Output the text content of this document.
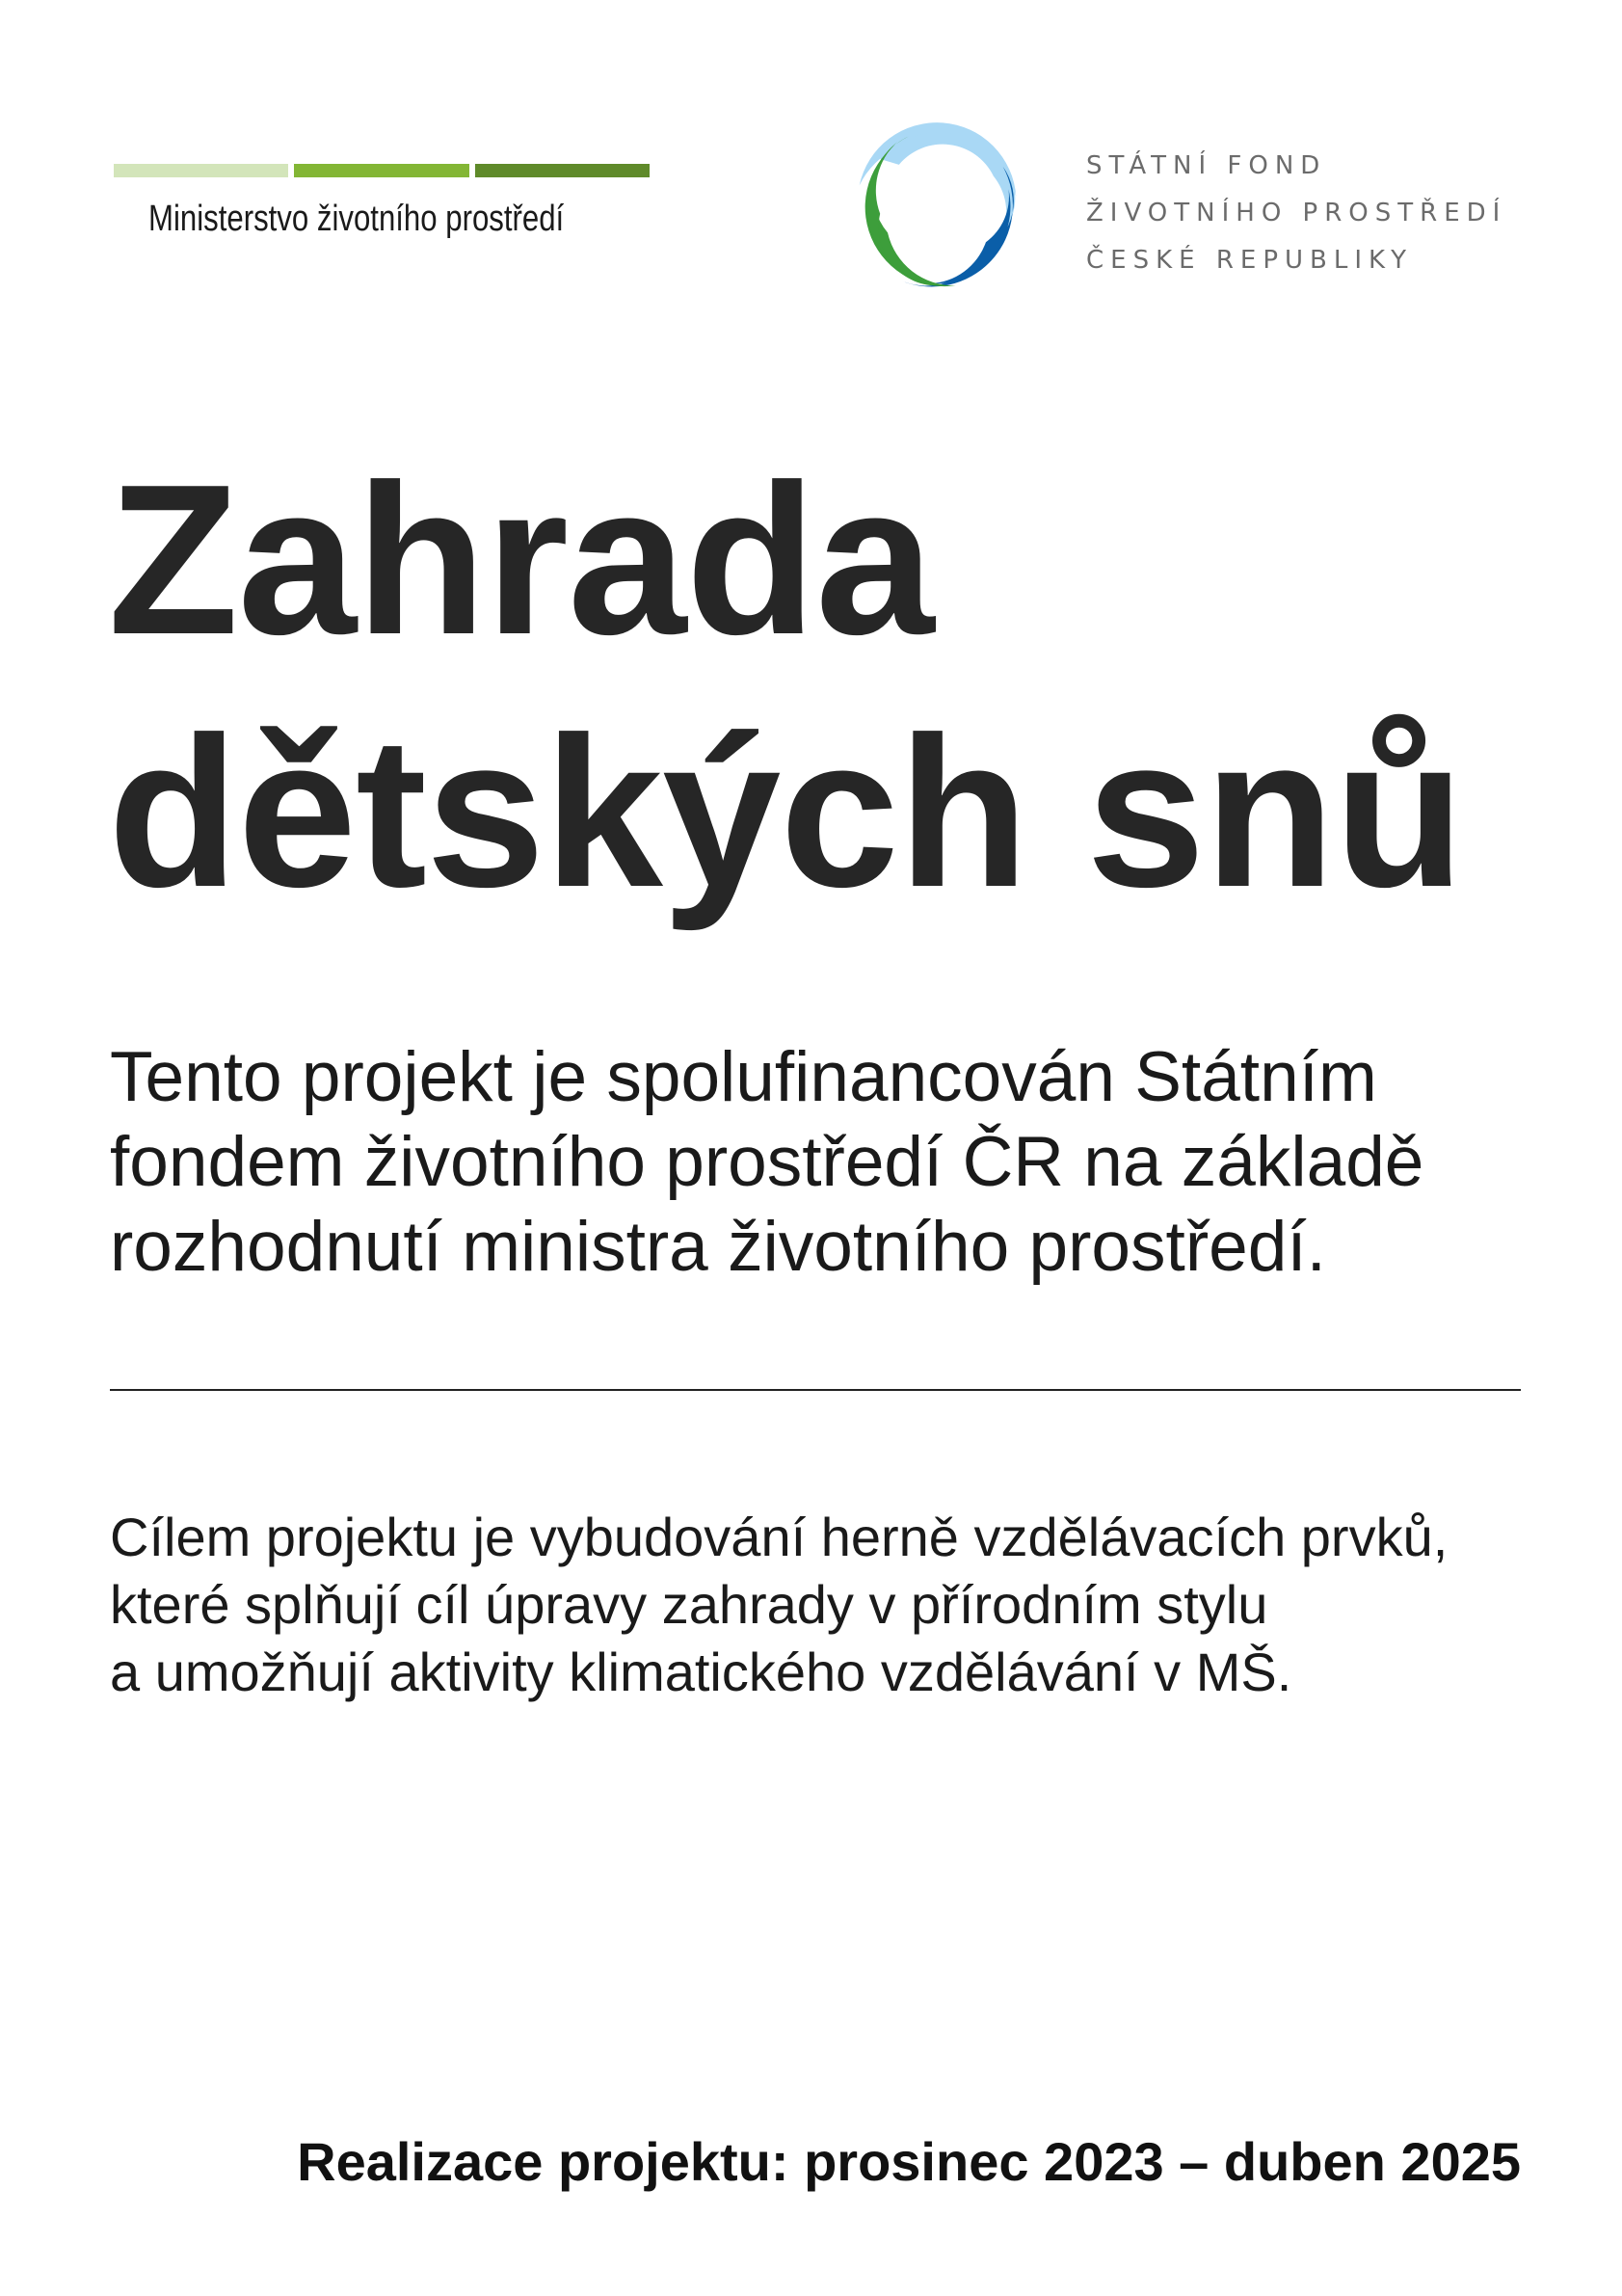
Ministerstvo životního prostředí
STÁTNÍ FOND
ŽIVOTNÍHO PROSTŘEDÍ
ČESKÉ REPUBLIKY
Zahrada
dětských snů

Tento projekt je spolufinancován Státním
fondem životního prostředí ČR na základě
rozhodnutí ministra životního prostředí.

Cílem projektu je vybudování herně vzdělávacích prvků,
které splňují cíl úpravy zahrady v přírodním stylu
a umožňují aktivity klimatického vzdělávání v MŠ.

Realizace projektu: prosinec 2023 – duben 2025
